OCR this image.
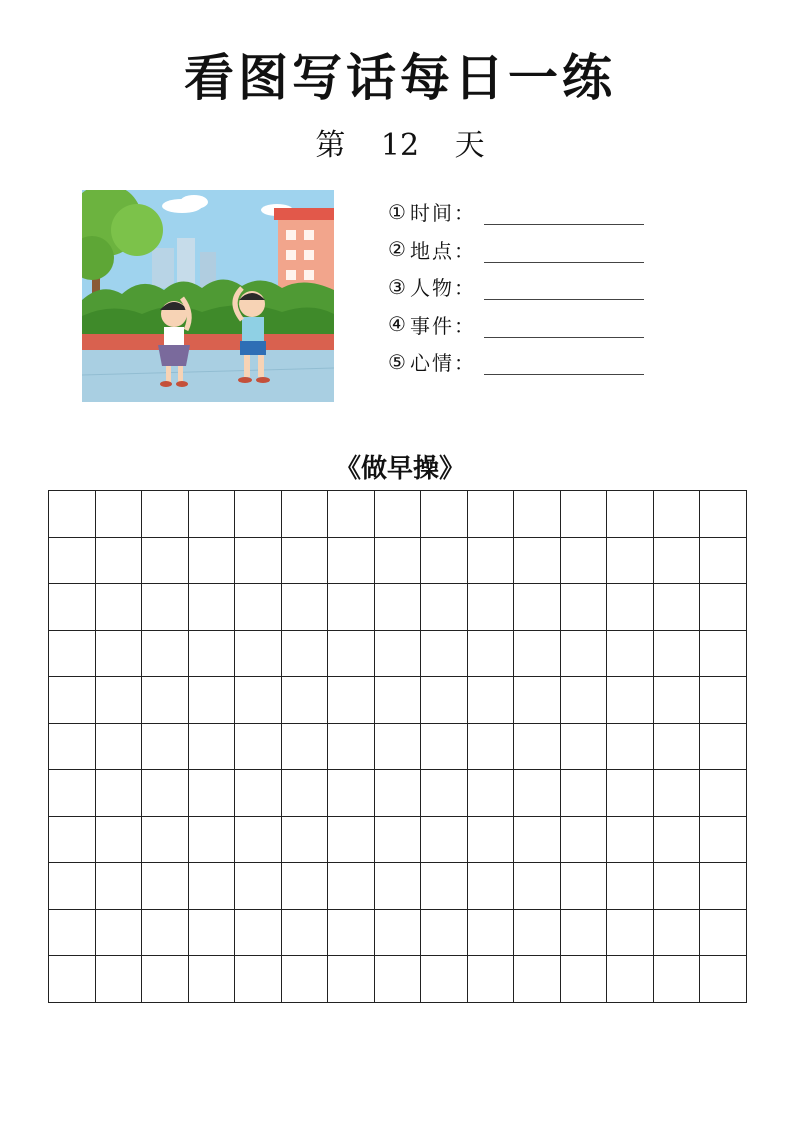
看图写话每日一练
第 12 天
① 时间 ：
② 地点 ：
③ 人物 ：
④ 事件 ：
⑤ 心情 ：
《做早操》
